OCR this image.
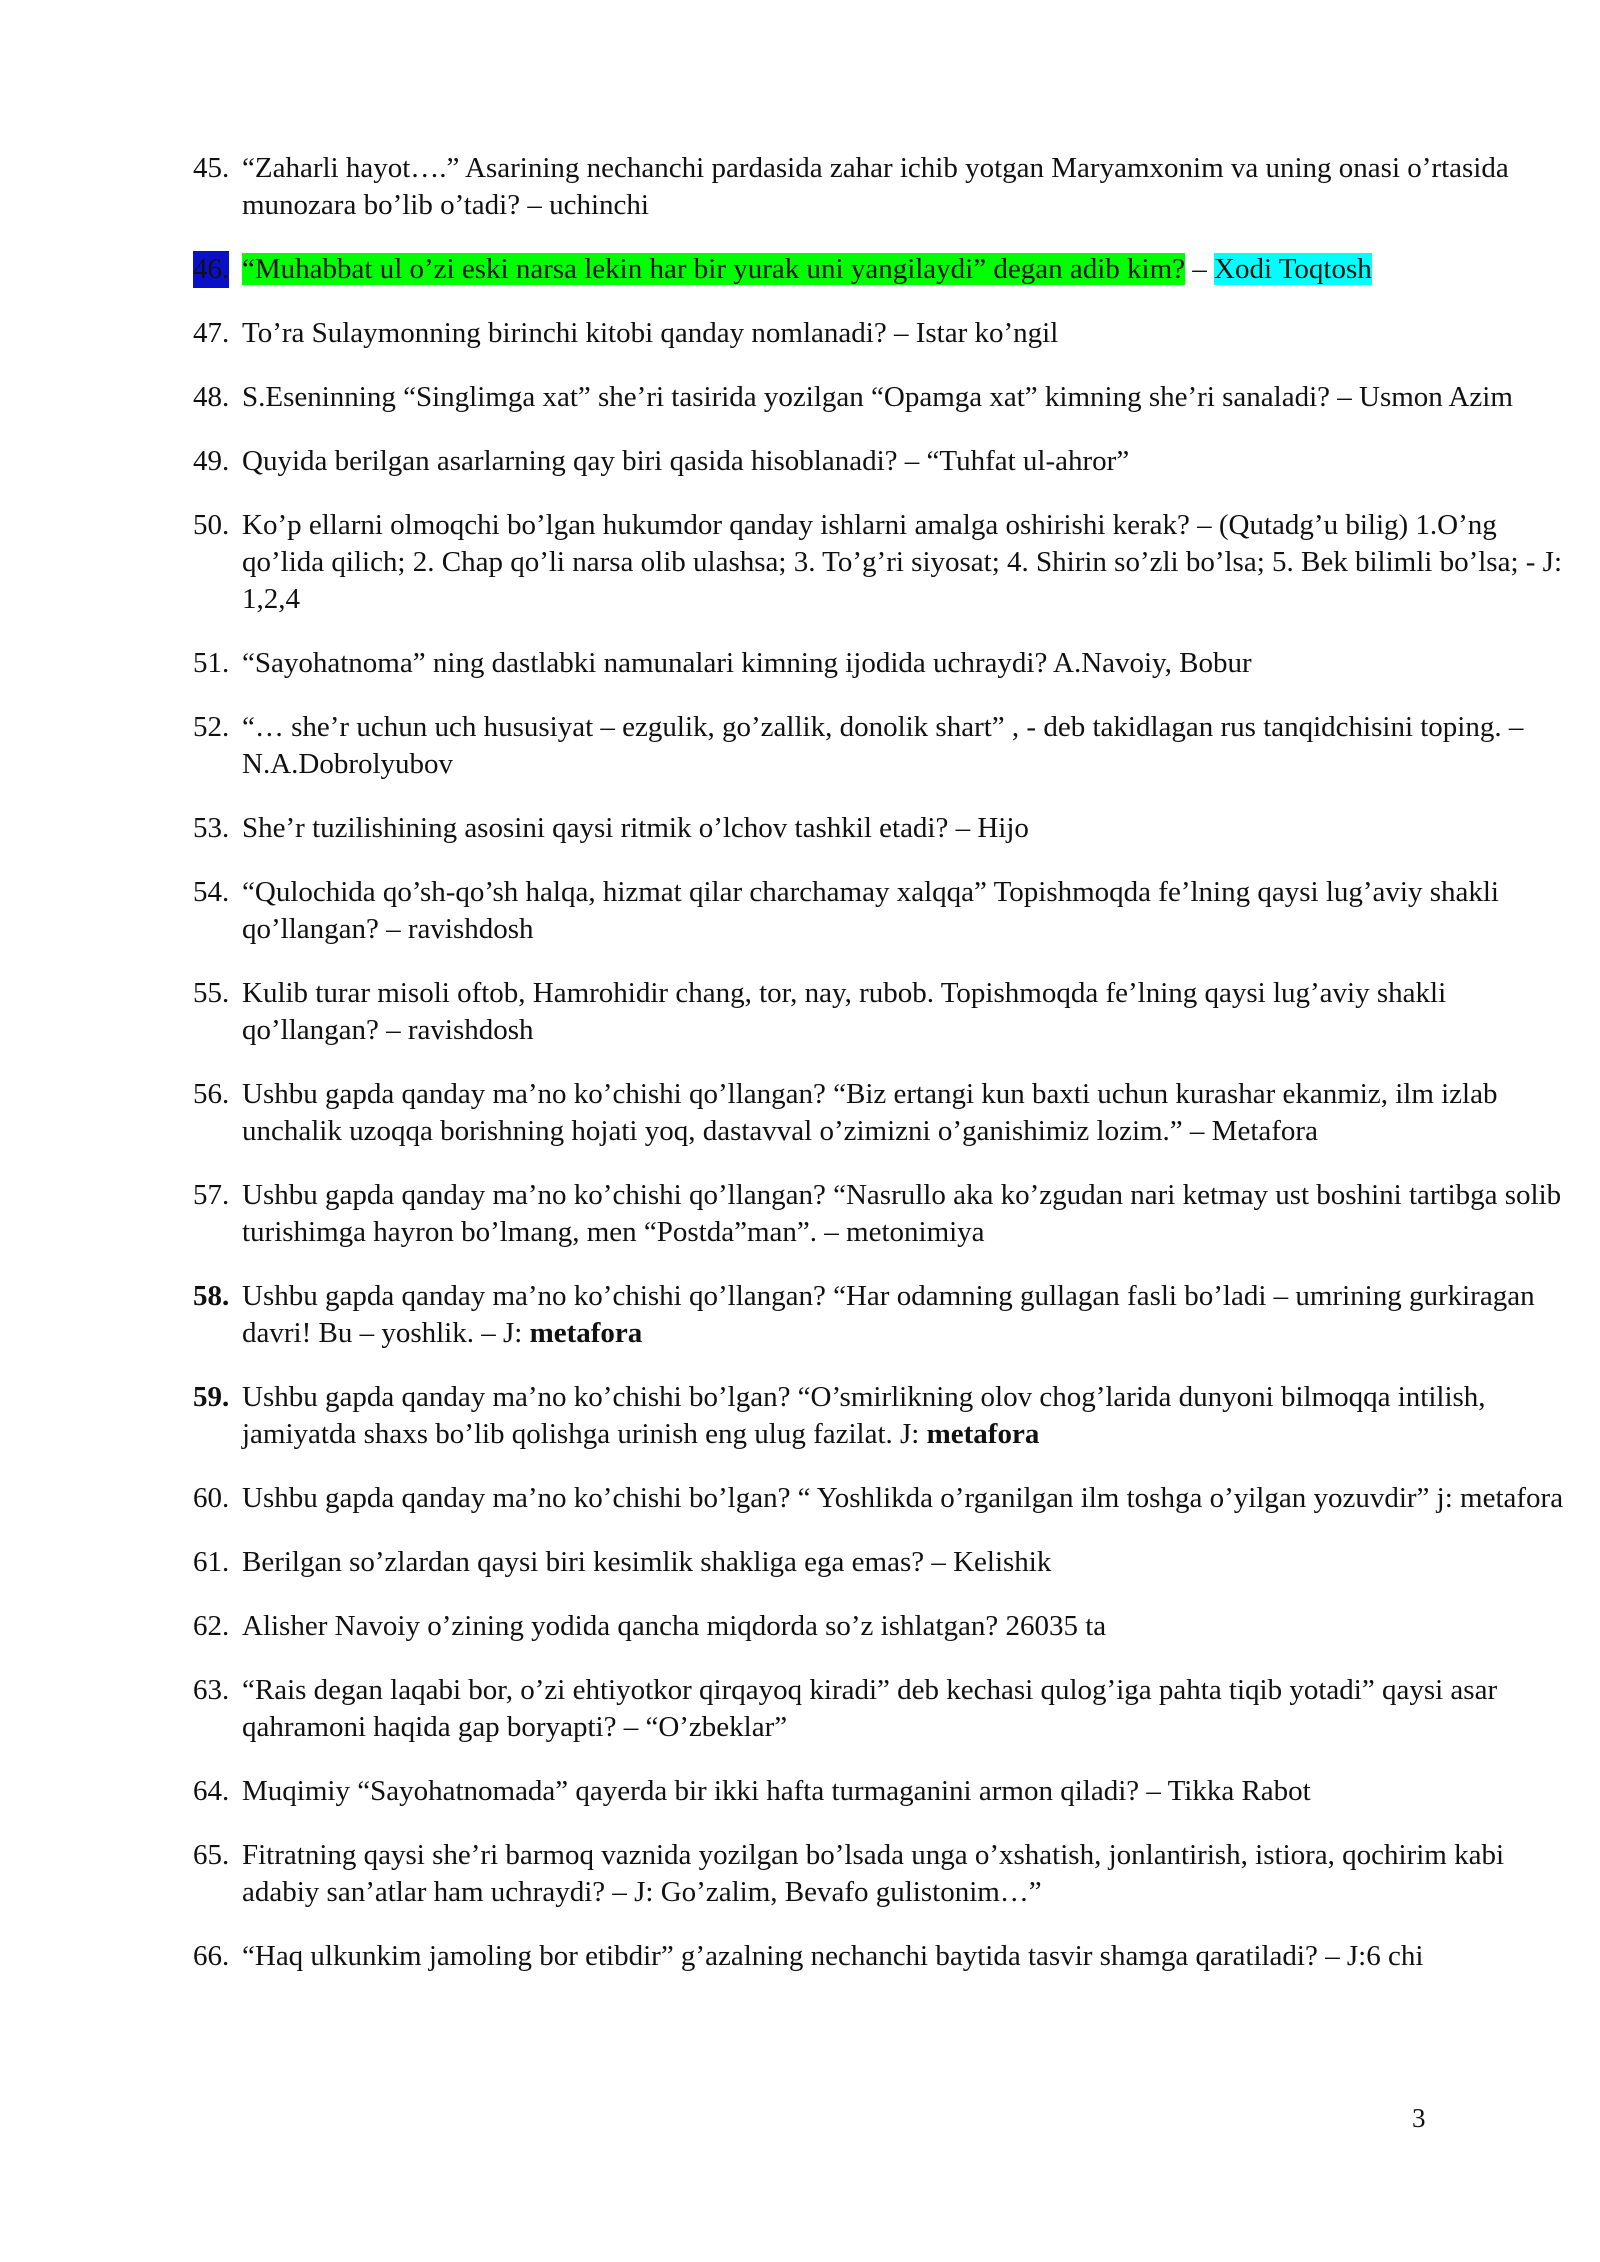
45. “Zaharli hayot….” Asarining nechanchi pardasida zahar ichib yotgan Maryamxonim va uning onasi o’rtasida munozara bo’lib o’tadi? – uchinchi
46. “Muhabbat ul o’zi eski narsa lekin har bir yurak uni yangilaydi” degan adib kim? – Xodi Toqtosh
47. To’ra Sulaymonning birinchi kitobi qanday nomlanadi? – Istar ko’ngil
48. S.Eseninning “Singlimga xat” she’ri tasirida yozilgan “Opamga xat” kimning she’ri sanaladi? – Usmon Azim
49. Quyida berilgan asarlarning qay biri qasida hisoblanadi? – “Tuhfat ul-ahror”
50. Ko’p ellarni olmoqchi bo’lgan hukumdor qanday ishlarni amalga oshirishi kerak? – (Qutadg’u bilig) 1.O’ng qo’lida qilich; 2. Chap qo’li narsa olib ulashsa; 3. To’g’ri siyosat; 4. Shirin so’zli bo’lsa; 5. Bek bilimli bo’lsa; - J: 1,2,4
51. “Sayohatnoma” ning dastlabki namunalari kimning ijodida uchraydi? A.Navoiy, Bobur
52. “… she’r uchun uch hususiyat – ezgulik, go’zallik, donolik shart” , - deb takidlagan rus tanqidchisini toping. – N.A.Dobrolyubov
53. She’r tuzilishining asosini qaysi ritmik o’lchov tashkil etadi? – Hijo
54. “Qulochida qo’sh-qo’sh halqa, hizmat qilar charchamay xalqqa” Topishmoqda fe’lning qaysi lug’aviy shakli qo’llangan? – ravishdosh
55. Kulib turar misoli oftob, Hamrohidir chang, tor, nay, rubob. Topishmoqda fe’lning qaysi lug’aviy shakli qo’llangan? – ravishdosh
56. Ushbu gapda qanday ma’no ko’chishi qo’llangan? “Biz ertangi kun baxti uchun kurashar ekanmiz, ilm izlab unchalik uzoqqa borishning hojati yoq, dastavval o’zimizni o’ganishimiz lozim.” – Metafora
57. Ushbu gapda qanday ma’no ko’chishi qo’llangan? “Nasrullo aka ko’zgudan nari ketmay ust boshini tartibga solib turishimga hayron bo’lmang, men “Postda”man”. – metonimiya
58. Ushbu gapda qanday ma’no ko’chishi qo’llangan? “Har odamning gullagan fasli bo’ladi – umrining gurkiragan davri! Bu – yoshlik. – J: metafora
59. Ushbu gapda qanday ma’no ko’chishi bo’lgan? “O’smirlikning olov chog’larida dunyoni bilmoqqa intilish, jamiyatda shaxs bo’lib qolishga urinish eng ulug fazilat. J: metafora
60. Ushbu gapda qanday ma’no ko’chishi bo’lgan? “ Yoshlikda o’rganilgan ilm toshga o’yilgan yozuvdir” j: metafora
61. Berilgan so’zlardan qaysi biri kesimlik shakliga ega emas? – Kelishik
62. Alisher Navoiy o’zining yodida qancha miqdorda so’z ishlatgan? 26035 ta
63. “Rais degan laqabi bor, o’zi ehtiyotkor qirqayoq kiradi” deb kechasi qulog’iga pahta tiqib yotadi” qaysi asar qahramoni haqida gap boryapti? – “O’zbeklar”
64. Muqimiy “Sayohatnomada” qayerda bir ikki hafta turmaganini armon qiladi? – Tikka Rabot
65. Fitratning qaysi she’ri barmoq vaznida yozilgan bo’lsada unga o’xshatish, jonlantirish, istiora, qochirim kabi adabiy san’atlar ham uchraydi? – J: Go’zalim, Bevafo gulistonim…”
66. “Haq ulkunkim jamoling bor etibdir” g’azalning nechanchi baytida tasvir shamga qaratiladi? – J:6 chi
3
